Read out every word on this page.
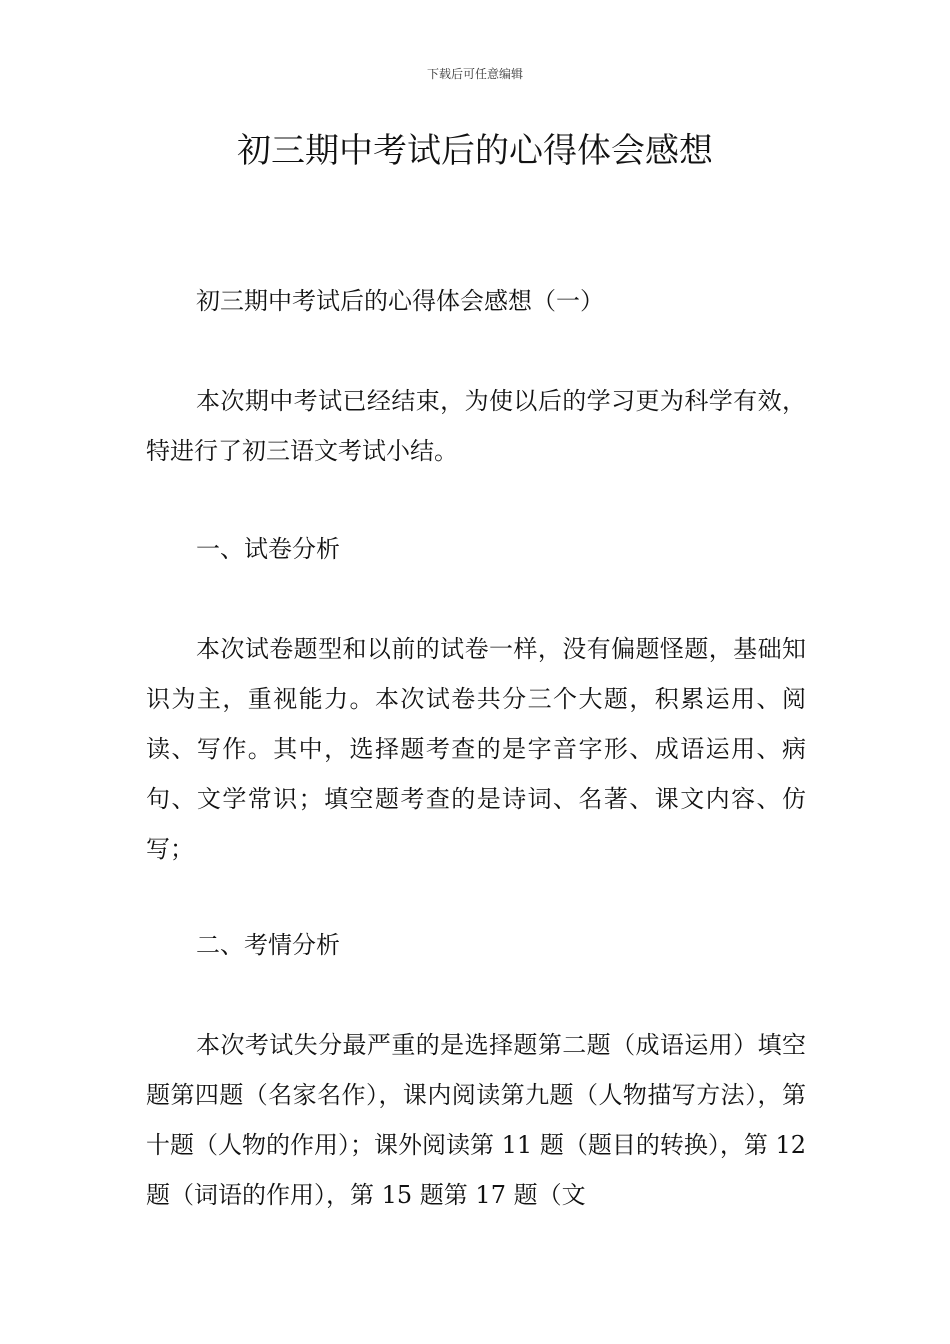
下载后可任意编辑
初三期中考试后的心得体会感想

初三期中考试后的心得体会感想（一）

本次期中考试已经结束，为使以后的学习更为科学有效，特进行了初三语文考试小结。

一、试卷分析

本次试卷题型和以前的试卷一样，没有偏题怪题，基础知识为主，重视能力。本次试卷共分三个大题，积累运用、阅读、写作。其中，选择题考查的是字音字形、成语运用、病句、文学常识；填空题考查的是诗词、名著、课文内容、仿写；

二、考情分析

本次考试失分最严重的是选择题第二题（成语运用）填空题第四题（名家名作），课内阅读第九题（人物描写方法），第十题（人物的作用）；课外阅读第 11 题（题目的转换），第 12 题（词语的作用），第 15 题第 17 题（文
